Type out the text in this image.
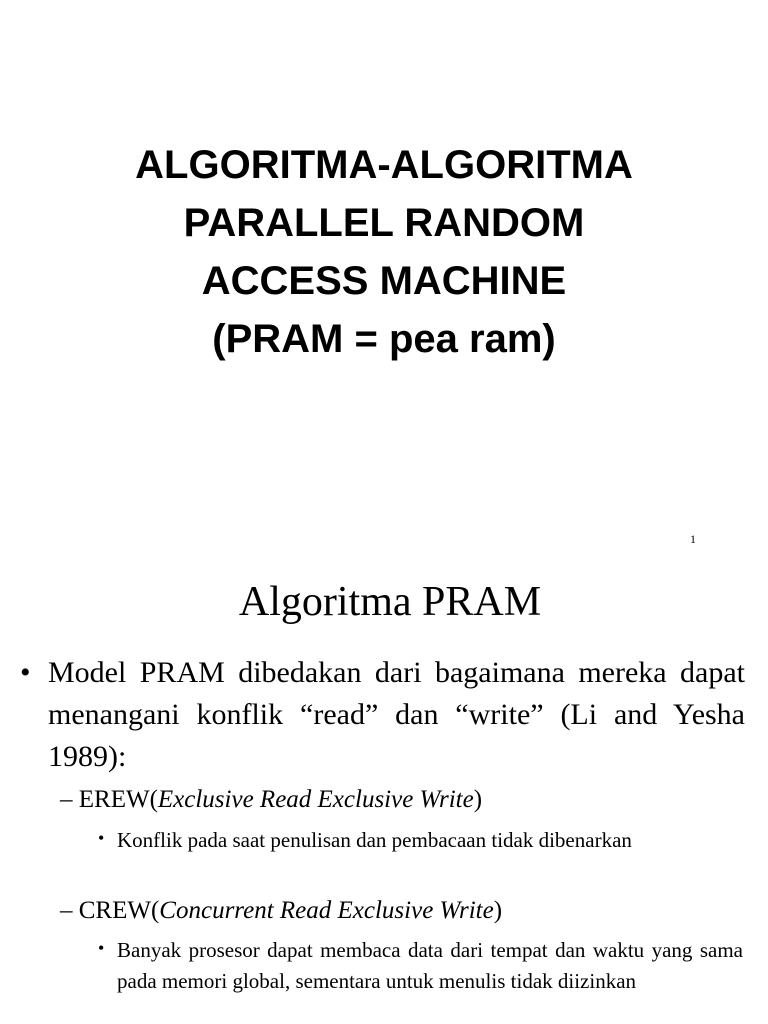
ALGORITMA-ALGORITMA
PARALLEL RANDOM
ACCESS MACHINE
(PRAM = pea ram)
1
Algoritma PRAM
• Model PRAM dibedakan dari bagaimana mereka dapat menangani konflik “read” dan “write” (Li and Yesha 1989):
– EREW(Exclusive Read Exclusive Write)
• Konflik pada saat penulisan dan pembacaan tidak dibenarkan
– CREW(Concurrent Read Exclusive Write)
• Banyak prosesor dapat membaca data dari tempat dan waktu yang sama pada memori global, sementara untuk menulis tidak diizinkan
